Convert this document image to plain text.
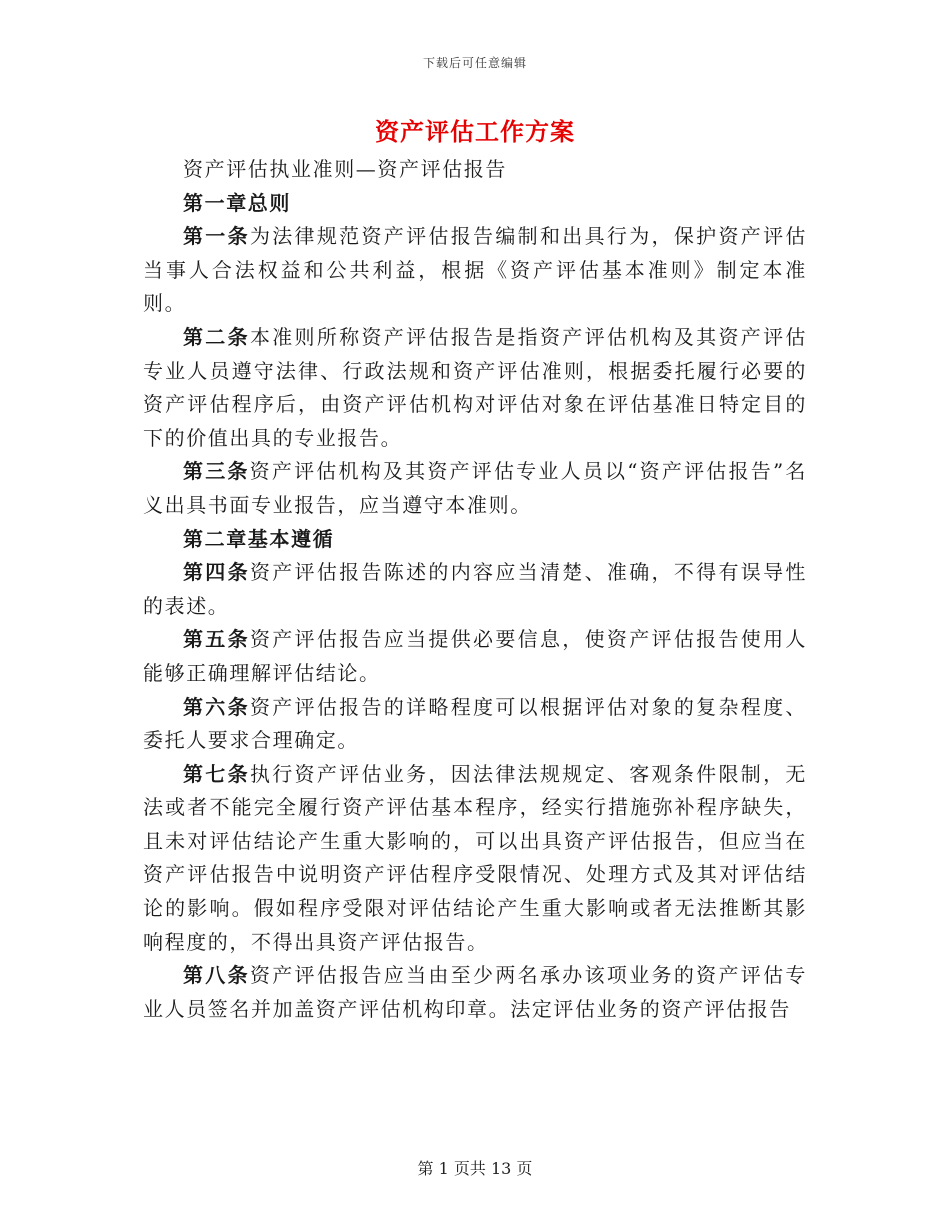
下载后可任意编辑
资产评估工作方案

资产评估执业准则—资产评估报告

第一章总则

第一条为法律规范资产评估报告编制和出具行为，保护资产评估当事人合法权益和公共利益，根据《资产评估基本准则》制定本准则。

第二条本准则所称资产评估报告是指资产评估机构及其资产评估专业人员遵守法律、行政法规和资产评估准则，根据委托履行必要的资产评估程序后，由资产评估机构对评估对象在评估基准日特定目的下的价值出具的专业报告。

第三条资产评估机构及其资产评估专业人员以“资产评估报告”名义出具书面专业报告，应当遵守本准则。

第二章基本遵循

第四条资产评估报告陈述的内容应当清楚、准确，不得有误导性的表述。

第五条资产评估报告应当提供必要信息，使资产评估报告使用人能够正确理解评估结论。

第六条资产评估报告的详略程度可以根据评估对象的复杂程度、委托人要求合理确定。

第七条执行资产评估业务，因法律法规规定、客观条件限制，无法或者不能完全履行资产评估基本程序，经实行措施弥补程序缺失，且未对评估结论产生重大影响的，可以出具资产评估报告，但应当在资产评估报告中说明资产评估程序受限情况、处理方式及其对评估结论的影响。假如程序受限对评估结论产生重大影响或者无法推断其影响程度的，不得出具资产评估报告。

第八条资产评估报告应当由至少两名承办该项业务的资产评估专业人员签名并加盖资产评估机构印章。法定评估业务的资产评估报告

第 1 页共 13 页
